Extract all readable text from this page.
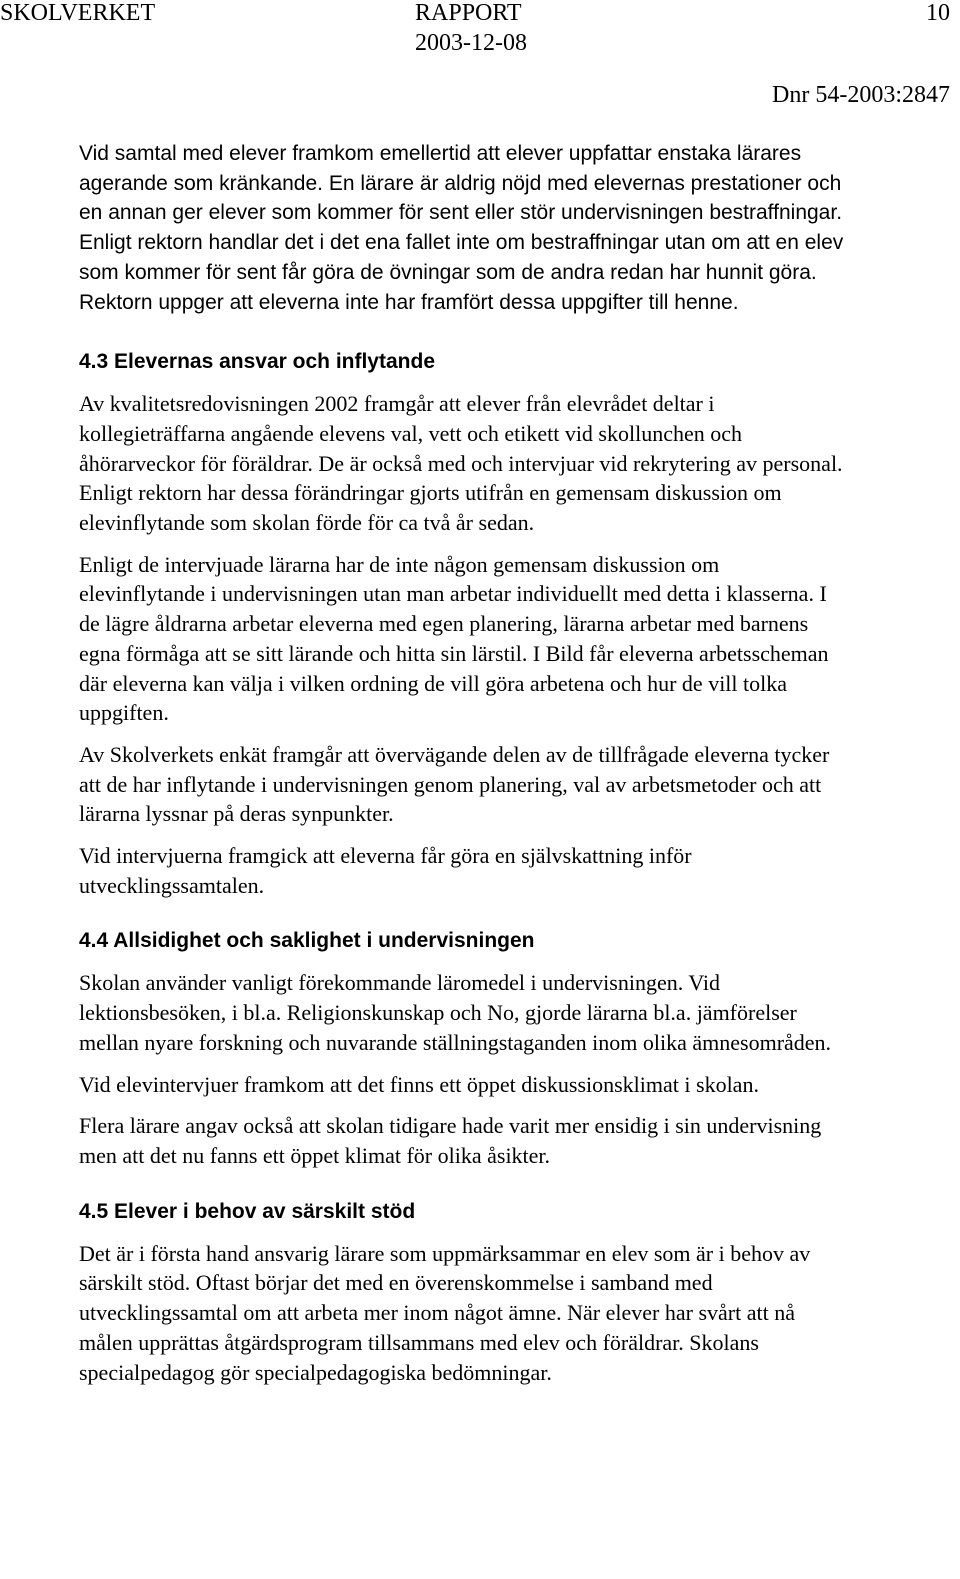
SKOLVERKET	RAPPORT
2003-12-08
10
Dnr 54-2003:2847

Vid samtal med elever framkom emellertid att elever uppfattar enstaka lärares agerande som kränkande. En lärare är aldrig nöjd med elevernas prestationer och en annan ger elever som kommer för sent eller stör undervisningen bestraffningar. Enligt rektorn handlar det i det ena fallet inte om bestraffningar utan om att en elev som kommer för sent får göra de övningar som de andra redan har hunnit göra. Rektorn uppger att eleverna inte har framfört dessa uppgifter till henne.

4.3 Elevernas ansvar och inflytande

Av kvalitetsredovisningen 2002 framgår att elever från elevrådet deltar i kollegieträffarna angående elevens val, vett och etikett vid skollunchen och åhörarveckor för föräldrar. De är också med och intervjuar vid rekrytering av personal. Enligt rektorn har dessa förändringar gjorts utifrån en gemensam diskussion om elevinflytande som skolan förde för ca två år sedan.

Enligt de intervjuade lärarna har de inte någon gemensam diskussion om elevinflytande i undervisningen utan man arbetar individuellt med detta i klasserna. I de lägre åldrarna arbetar eleverna med egen planering, lärarna arbetar med barnens egna förmåga att se sitt lärande och hitta sin lärstil. I Bild får eleverna arbetsscheman där eleverna kan välja i vilken ordning de vill göra arbetena och hur de vill tolka uppgiften.

Av Skolverkets enkät framgår att övervägande delen av de tillfrågade eleverna tycker att de har inflytande i undervisningen genom planering, val av arbetsmetoder och att lärarna lyssnar på deras synpunkter.

Vid intervjuerna framgick att eleverna får göra en självskattning inför utvecklingssamtalen.

4.4 Allsidighet och saklighet i undervisningen

Skolan använder vanligt förekommande läromedel i undervisningen. Vid lektionsbesöken, i bl.a. Religionskunskap och No, gjorde lärarna bl.a. jämförelser mellan nyare forskning och nuvarande ställningstaganden inom olika ämnesområden.

Vid elevintervjuer framkom att det finns ett öppet diskussionsklimat i skolan.

Flera lärare angav också att skolan tidigare hade varit mer ensidig i sin undervisning men att det nu fanns ett öppet klimat för olika åsikter.

4.5 Elever i behov av särskilt stöd

Det är i första hand ansvarig lärare som uppmärksammar en elev som är i behov av särskilt stöd. Oftast börjar det med en överenskommelse i samband med utvecklingssamtal om att arbeta mer inom något ämne. När elever har svårt att nå målen upprättas åtgärdsprogram tillsammans med elev och föräldrar. Skolans specialpedagog gör specialpedagogiska bedömningar.
